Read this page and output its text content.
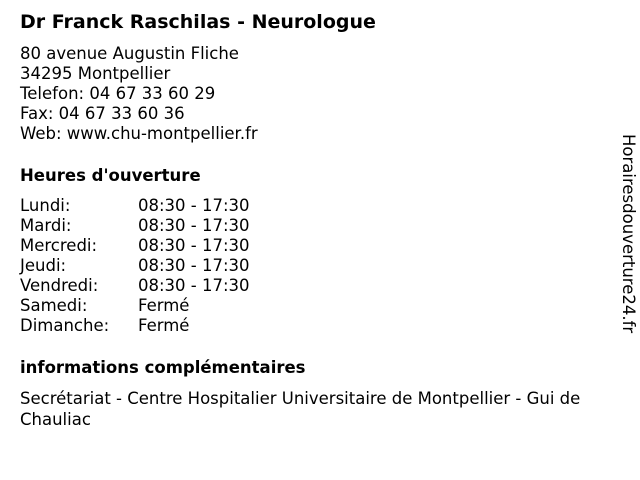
Dr Franck Raschilas - Neurologue
80 avenue Augustin Fliche
34295 Montpellier
Telefon: 04 67 33 60 29
Fax: 04 67 33 60 36
Web: www.chu-montpellier.fr
Heures d'ouverture
Lundi:	08:30 - 17:30
Mardi:	08:30 - 17:30
Mercredi:	08:30 - 17:30
Jeudi:	08:30 - 17:30
Vendredi:	08:30 - 17:30
Samedi:	Fermé
Dimanche:	Fermé
informations complémentaires
Secrétariat - Centre Hospitalier Universitaire de Montpellier - Gui de Chauliac
Horairesdouverture24.fr
